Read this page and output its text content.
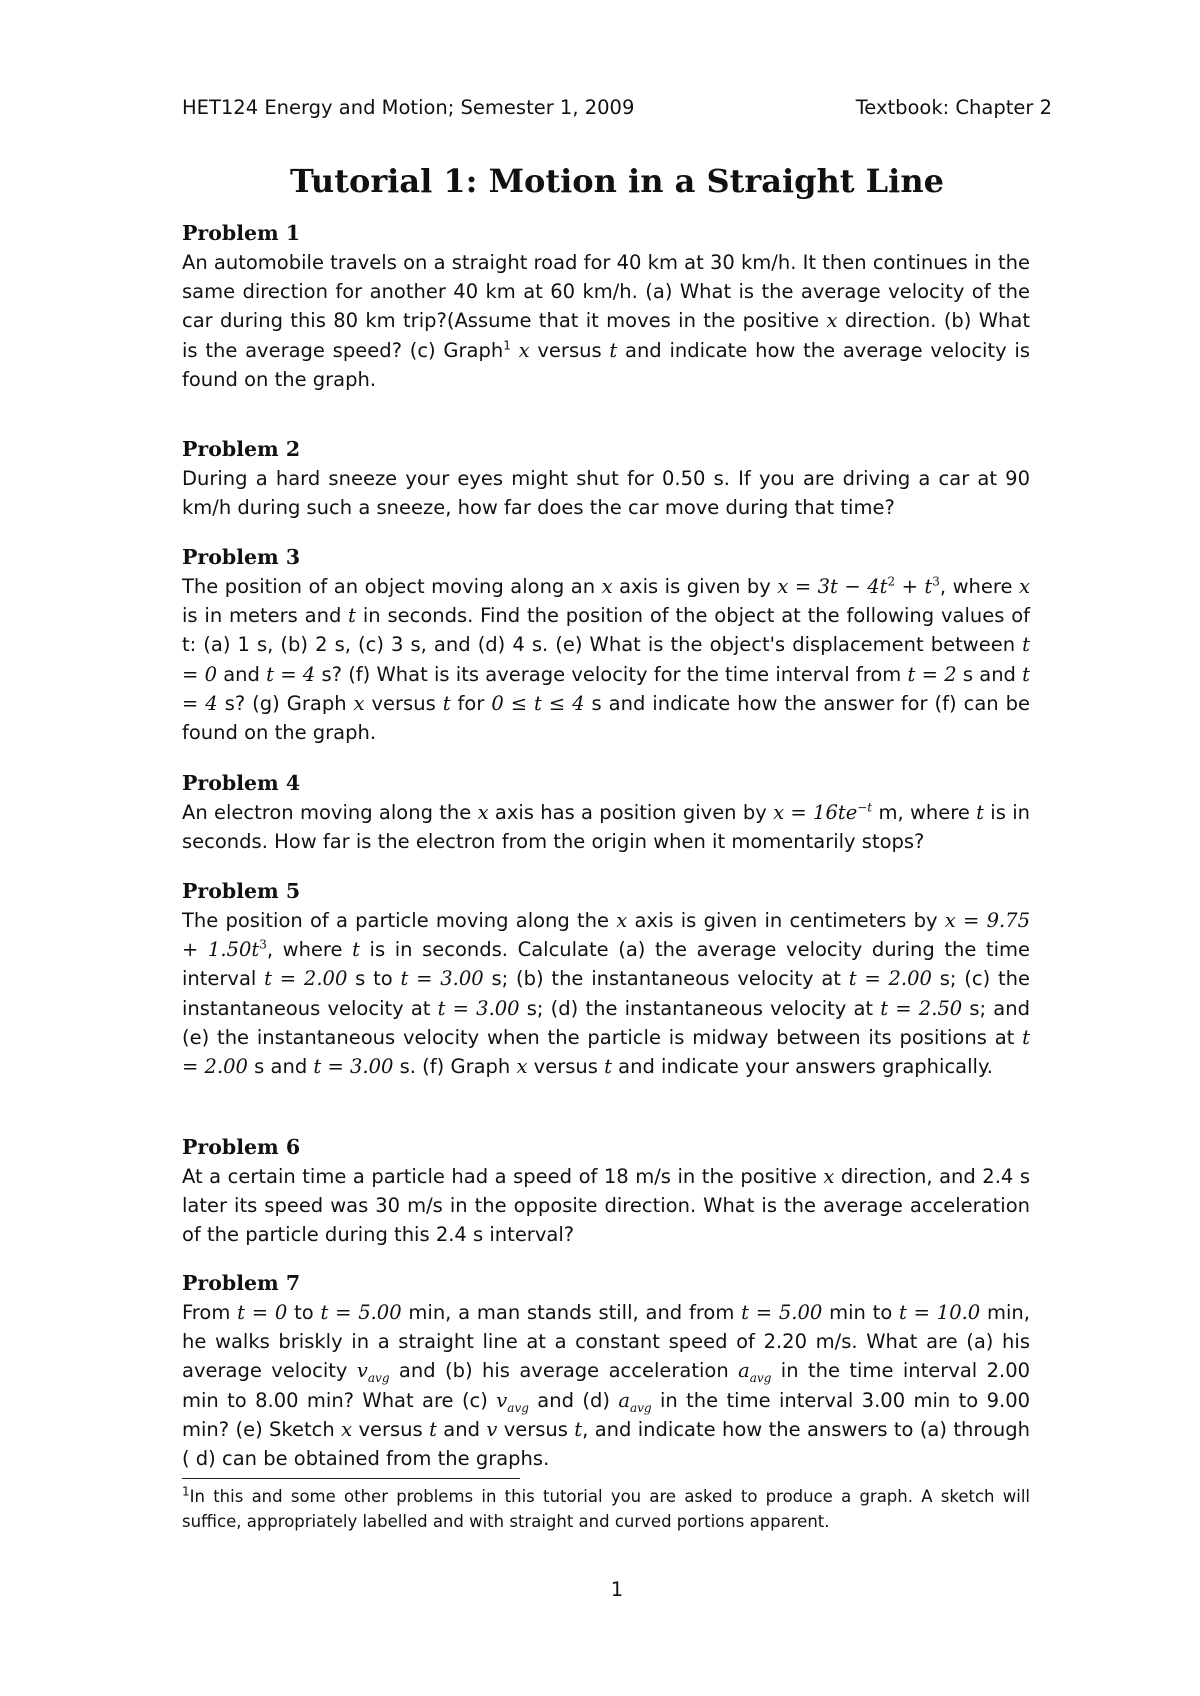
HET124 Energy and Motion; Semester 1, 2009	Textbook: Chapter 2
Tutorial 1: Motion in a Straight Line
Problem 1

An automobile travels on a straight road for 40 km at 30 km/h. It then continues in the same direction for another 40 km at 60 km/h. (a) What is the average velocity of the car during this 80 km trip?(Assume that it moves in the positive x direction. (b) What is the average speed? (c) Graph$^1$ x versus t and indicate how the average velocity is found on the graph.

Problem 2

During a hard sneeze your eyes might shut for 0.50 s. If you are driving a car at 90 km/h during such a sneeze, how far does the car move during that time?

Problem 3

The position of an object moving along an x axis is given by $x = 3t - 4t^2 + t^3$, where x is in meters and t in seconds. Find the position of the object at the following values of t: (a) 1 s, (b) 2 s, (c) 3 s, and (d) 4 s. (e) What is the object's displacement between t = 0 and t = 4 s? (f) What is its average velocity for the time interval from t = 2 s and t = 4 s? (g) Graph x versus t for 0 ≤ t ≤ 4 s and indicate how the answer for (f) can be found on the graph.

Problem 4

An electron moving along the x axis has a position given by $x = 16te^{-t}$ m, where t is in seconds. How far is the electron from the origin when it momentarily stops?

Problem 5

The position of a particle moving along the x axis is given in centimeters by $x = 9.75 + 1.50t^3$, where t is in seconds. Calculate (a) the average velocity during the time interval t = 2.00 s to t = 3.00 s; (b) the instantaneous velocity at t = 2.00 s; (c) the instantaneous velocity at t = 3.00 s; (d) the instantaneous velocity at t = 2.50 s; and (e) the instantaneous velocity when the particle is midway between its positions at t = 2.00 s and t = 3.00 s. (f) Graph x versus t and indicate your answers graphically.

Problem 6

At a certain time a particle had a speed of 18 m/s in the positive x direction, and 2.4 s later its speed was 30 m/s in the opposite direction. What is the average acceleration of the particle during this 2.4 s interval?

Problem 7

From t = 0 to t = 5.00 min, a man stands still, and from t = 5.00 min to t = 10.0 min, he walks briskly in a straight line at a constant speed of 2.20 m/s. What are (a) his average velocity $v_{avg}$ and (b) his average acceleration $a_{avg}$ in the time interval 2.00 min to 8.00 min? What are (c) $v_{avg}$ and (d) $a_{avg}$ in the time interval 3.00 min to 9.00 min? (e) Sketch x versus t and v versus t, and indicate how the answers to (a) through ( d) can be obtained from the graphs.

$^1$In this and some other problems in this tutorial you are asked to produce a graph. A sketch will suffice, appropriately labelled and with straight and curved portions apparent.
1
